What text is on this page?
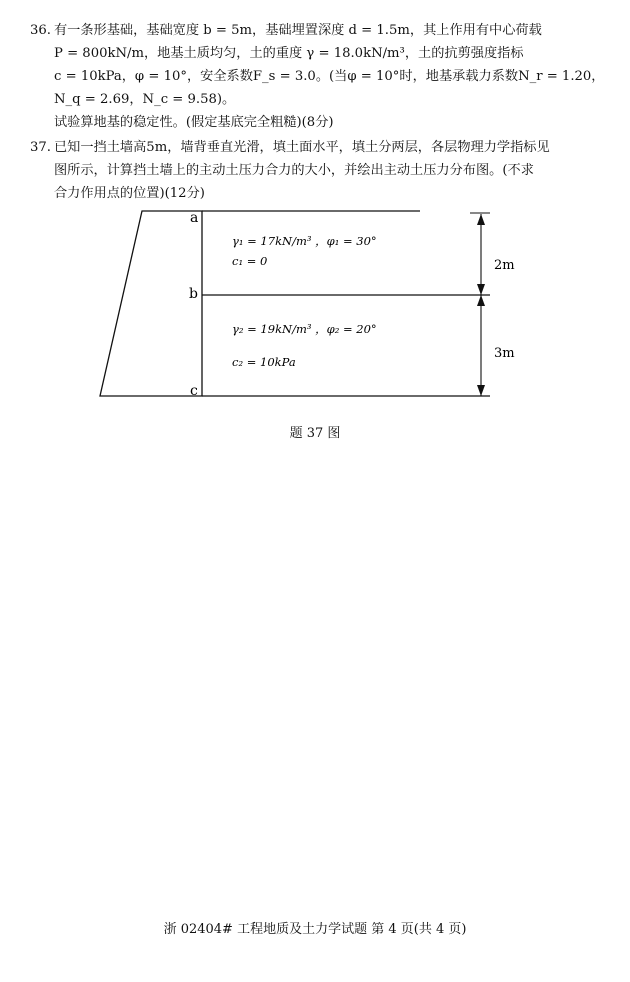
36. 有一条形基础，基础宽度 b = 5m，基础埋置深度 d = 1.5m，其上作用有中心荷载
P = 800kN/m，地基土质均匀，土的重度 γ = 18.0kN/m³，土的抗剪强度指标
c = 10kPa，φ = 10°，安全系数F_s = 3.0。(当φ = 10°时，地基承载力系数N_r = 1.20，
N_q = 2.69，N_c = 9.58)。
试验算地基的稳定性。(假定基底完全粗糙)(8分)
37. 已知一挡土墙高5m，墙背垂直光滑，填土面水平，填土分两层，各层物理力学指标见
图所示，计算挡土墙上的主动土压力合力的大小，并绘出主动土压力分布图。(不求
合力作用点的位置)(12分)
a
b
c
γ₁ = 17kN/m³ ，φ₁ = 30°
c₁ = 0
γ₂ = 19kN/m³ ，φ₂ = 20°
c₂ = 10kPa
2m
3m
题 37 图
浙 02404# 工程地质及土力学试题 第 4 页(共 4 页)
